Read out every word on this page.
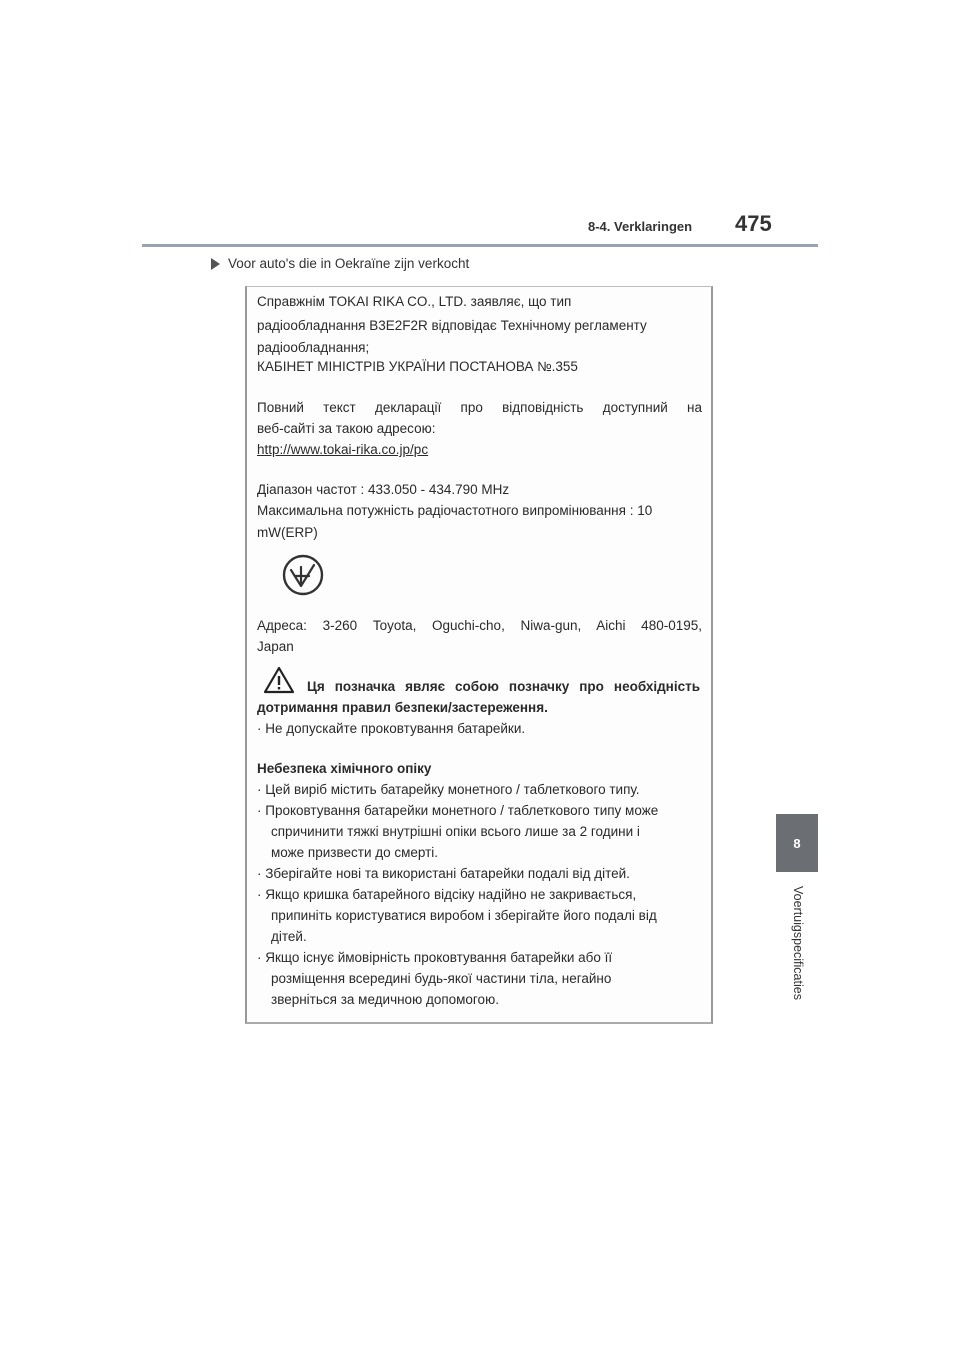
8-4. Verklaringen 475
8
Voertuigspecificaties
Voor auto's die in Oekraïne zijn verkocht

Справжнім TOKAI RIKA CO., LTD. заявляє, що тип

радіообладнання B3E2F2R відповідає Технічному регламенту

радіообладнання;

КАБІНЕТ МІНІСТРІВ УКРАЇНИ ПОСТАНОВА №.355

Повний текст декларації про відповідність доступний на

веб-сайті за такою адресою:

http://www.tokai-rika.co.jp/pc

Діапазон частот : 433.050 - 434.790 MHz

Максимальна потужність радіочастотного випромінювання : 10

mW(ERP)

Адреса: 3-260 Toyota, Oguchi-cho, Niwa-gun, Aichi 480-0195,

Japan

Ця позначка являє собою позначку про необхідність

дотримання правил безпеки/застереження.

· Не допускайте проковтування батарейки.

Небезпека хімічного опіку

· Цей виріб містить батарейку монетного / таблеткового типу.

· Проковтування батарейки монетного / таблеткового типу може

спричинити тяжкі внутрішні опіки всього лише за 2 години і

може призвести до смерті.

· Зберігайте нові та використані батарейки подалі від дітей.

· Якщо кришка батарейного відсіку надійно не закривається,

припиніть користуватися виробом і зберігайте його подалі від

дітей.

· Якщо існує ймовірність проковтування батарейки або її

розміщення всередині будь-якої частини тіла, негайно

зверніться за медичною допомогою.
